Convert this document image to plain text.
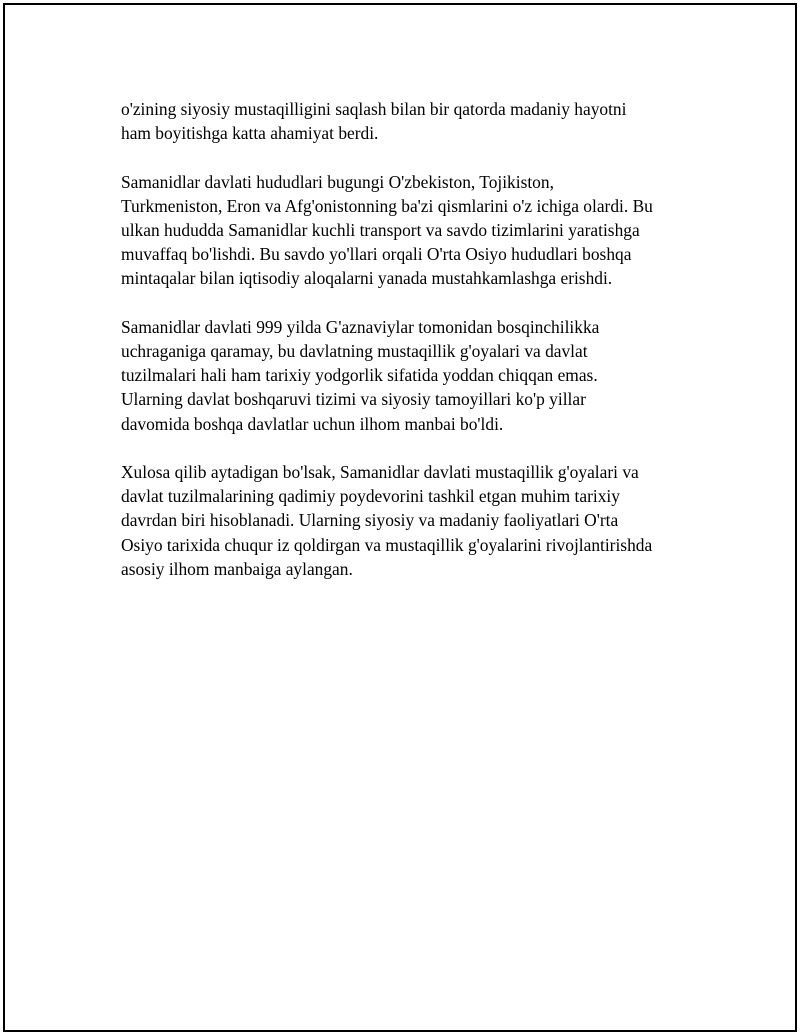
o'zining siyosiy mustaqilligini saqlash bilan bir qatorda madaniy hayotni
ham boyitishga katta ahamiyat berdi.

Samanidlar davlati hududlari bugungi O'zbekiston, Tojikiston,
Turkmeniston, Eron va Afg'onistonning ba'zi qismlarini o'z ichiga olardi. Bu
ulkan hududda Samanidlar kuchli transport va savdo tizimlarini yaratishga
muvaffaq bo'lishdi. Bu savdo yo'llari orqali O'rta Osiyo hududlari boshqa
mintaqalar bilan iqtisodiy aloqalarni yanada mustahkamlashga erishdi.

Samanidlar davlati 999 yilda G'aznaviylar tomonidan bosqinchilikka
uchraganiga qaramay, bu davlatning mustaqillik g'oyalari va davlat
tuzilmalari hali ham tarixiy yodgorlik sifatida yoddan chiqqan emas.
Ularning davlat boshqaruvi tizimi va siyosiy tamoyillari ko'p yillar
davomida boshqa davlatlar uchun ilhom manbai bo'ldi.

Xulosa qilib aytadigan bo'lsak, Samanidlar davlati mustaqillik g'oyalari va
davlat tuzilmalarining qadimiy poydevorini tashkil etgan muhim tarixiy
davrdan biri hisoblanadi. Ularning siyosiy va madaniy faoliyatlari O'rta
Osiyo tarixida chuqur iz qoldirgan va mustaqillik g'oyalarini rivojlantirishda
asosiy ilhom manbaiga aylangan.
